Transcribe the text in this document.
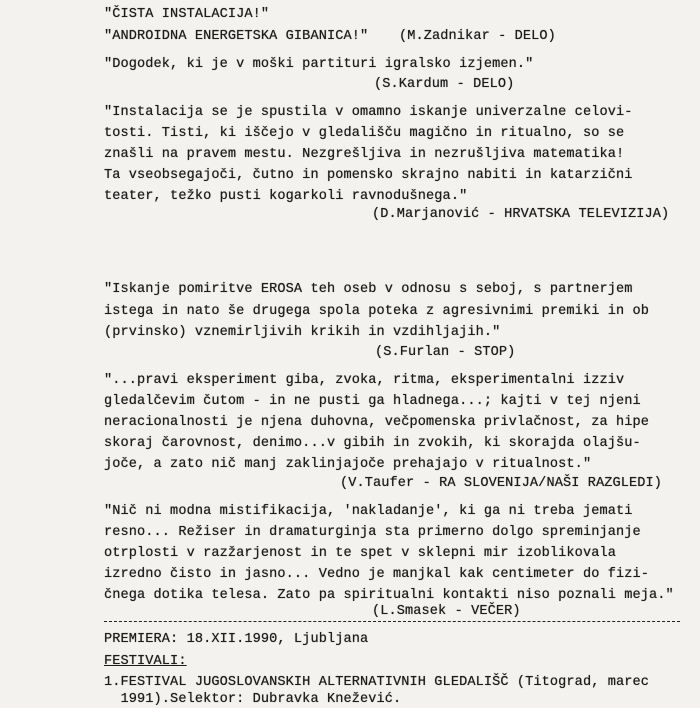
"ČISTA INSTALACIJA!"
"ANDROIDNA ENERGETSKA GIBANICA!" (M.Zadnikar - DELO)
"Dogodek, ki je v moški partituri igralsko izjemen."
(S.Kardum - DELO)
"Instalacija se je spustila v omamno iskanje univerzalne celovi-
tosti. Tisti, ki iščejo v gledališču magično in ritualno, so se
znašli na pravem mestu. Nezgrešljiva in nezrušljiva matematika!
Ta vseobsegajoči, čutno in pomensko skrajno nabiti in katarzični
teater, težko pusti kogarkoli ravnodušnega."
(D.Marjanović - HRVATSKA TELEVIZIJA)
"Iskanje pomiritve EROSA teh oseb v odnosu s seboj, s partnerjem
istega in nato še drugega spola poteka z agresivnimi premiki in ob
(prvinsko) vznemirljivih krikih in vzdihljajih."
(S.Furlan - STOP)
"...pravi eksperiment giba, zvoka, ritma, eksperimentalni izziv
gledalčevim čutom - in ne pusti ga hladnega...; kajti v tej njeni
neracionalnosti je njena duhovna, večpomenska privlačnost, za hipe
skoraj čarovnost, denimo...v gibih in zvokih, ki skorajda olajšu-
joče, a zato nič manj zaklinjajoče prehajajo v ritualnost."
(V.Taufer - RA SLOVENIJA/NAŠI RAZGLEDI)
"Nič ni modna mistifikacija, 'nakladanje', ki ga ni treba jemati
resno... Režiser in dramaturginja sta primerno dolgo spreminjanje
otrplosti v razžarjenost in te spet v sklepni mir izoblikovala
izredno čisto in jasno... Vedno je manjkal kak centimeter do fizi-
čnega dotika telesa. Zato pa spiritualni kontakti niso poznali meja."
(L.Smasek - VEČER)
PREMIERA: 18.XII.1990, Ljubljana
FESTIVALI:
1.FESTIVAL JUGOSLOVANSKIH ALTERNATIVNIH GLEDALIŠČ (Titograd, marec
1991).Selektor: Dubravka Knežević.
